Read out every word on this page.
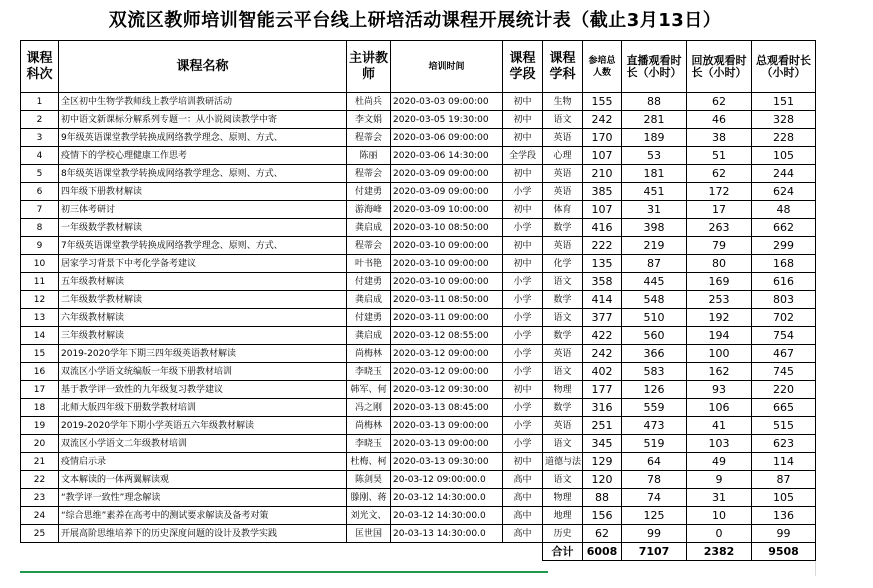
双流区教师培训智能云平台线上研培活动课程开展统计表（截止3月13日）
课程科次	课程名称	主讲教师	培训时间	课程学段	课程学科	参培总人数	直播观看时长（小时）	回放观看时长（小时）	总观看时长（小时）
1	全区初中生物学教师线上教学培训教研活动	杜尚兵	2020-03-03 09:00:00	初中	生物	155	88	62	151
2	初中语文新课标分解系列专题一：从小说阅读教学中寄	李文娟	2020-03-05 19:30:00	初中	语文	242	281	46	328
3	9年级英语课堂教学转换成网络教学理念、原则、方式、	程蒂会	2020-03-06 09:00:00	初中	英语	170	189	38	228
4	疫情下的学校心理健康工作思考	陈丽	2020-03-06 14:30:00	全学段	心理	107	53	51	105
5	8年级英语课堂教学转换成网络教学理念、原则、方式、	程蒂会	2020-03-09 09:00:00	初中	英语	210	181	62	244
6	四年级下册教材解读	付建勇	2020-03-09 09:00:00	小学	英语	385	451	172	624
7	初三体考研讨	游海峰	2020-03-09 10:00:00	初中	体育	107	31	17	48
8	一年级数学教材解读	龚启成	2020-03-10 08:50:00	小学	数学	416	398	263	662
9	7年级英语课堂教学转换成网络教学理念、原则、方式、	程蒂会	2020-03-10 09:00:00	初中	英语	222	219	79	299
10	居家学习背景下中考化学备考建议	叶书艳	2020-03-10 09:00:00	初中	化学	135	87	80	168
11	五年级教材解读	付建勇	2020-03-10 09:00:00	小学	语文	358	445	169	616
12	二年级数学教材解读	龚启成	2020-03-11 08:50:00	小学	数学	414	548	253	803
13	六年级教材解读	付建勇	2020-03-11 09:00:00	小学	语文	377	510	192	702
14	三年级教材解读	龚启成	2020-03-12 08:55:00	小学	数学	422	560	194	754
15	2019-2020学年下期三四年级英语教材解读	尚梅林	2020-03-12 09:00:00	小学	英语	242	366	100	467
16	双流区小学语文统编版一年级下册教材培训	李晓玉	2020-03-12 09:00:00	小学	语文	402	583	162	745
17	基于教学评一致性的九年级复习教学建议	韩军、何	2020-03-12 09:30:00	初中	物理	177	126	93	220
18	北师大版四年级下册数学教材培训	冯之刚	2020-03-13 08:45:00	小学	数学	316	559	106	665
19	2019-2020学年下期小学英语五六年级教材解读	尚梅林	2020-03-13 09:00:00	小学	英语	251	473	41	515
20	双流区小学语文二年级教材培训	李晓玉	2020-03-13 09:00:00	小学	语文	345	519	103	623
21	疫情启示录	杜梅、柯	2020-03-13 09:30:00	初中	道德与法	129	64	49	114
22	文本解读的一体两翼解读观	陈剑昊	20-03-12 09:00:00.0	高中	语文	120	78	9	87
23	“教学评一致性”理念解读	滕刚、蒋	20-03-12 14:30:00.0	高中	物理	88	74	31	105
24	“综合思维”素养在高考中的测试要求解读及备考对策	刘光文、	20-03-12 14:30:00.0	高中	地理	156	125	10	136
25	开展高阶思维培养下的历史深度问题的设计及教学实践	匡世国	20-03-13 14:30:00.0	高中	历史	62	99	0	99
					合计	6008	7107	2382	9508
